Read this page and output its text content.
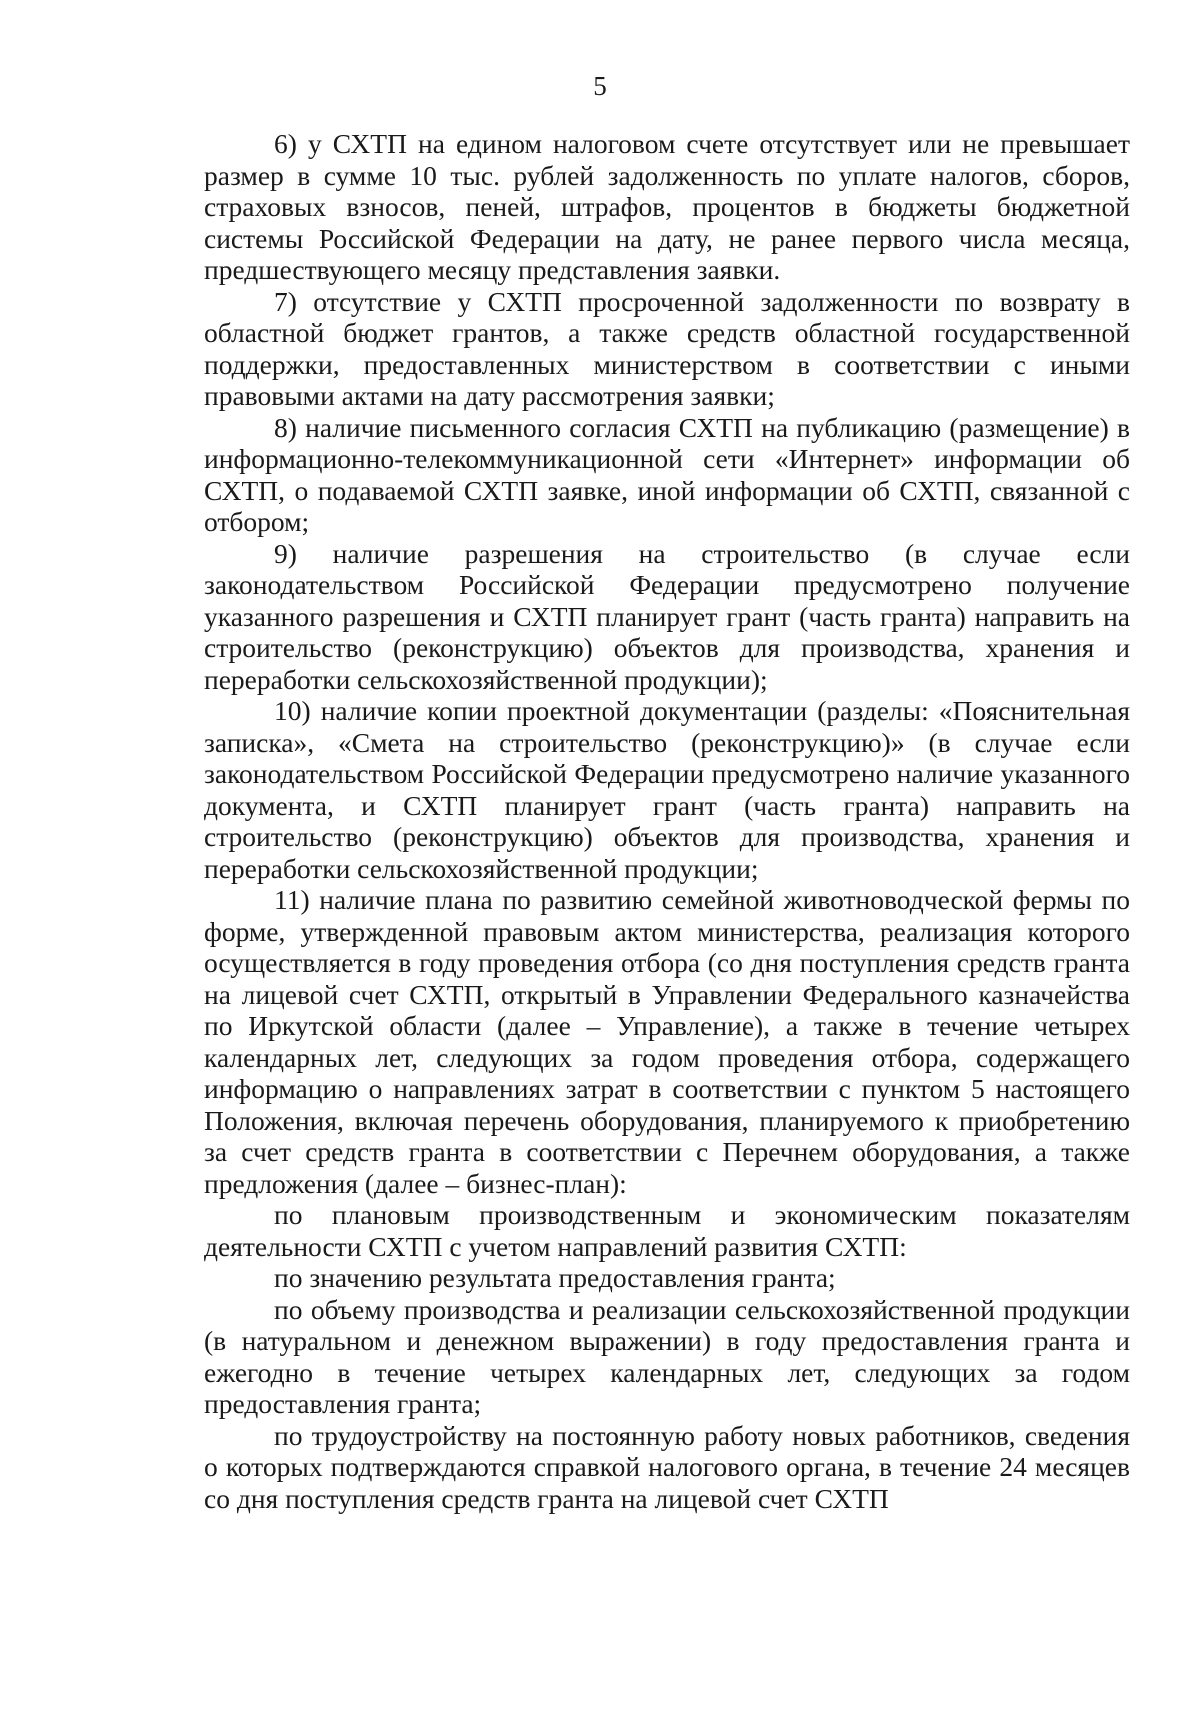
5

6) у СХТП на едином налоговом счете отсутствует или не превышает размер в сумме 10 тыс. рублей задолженность по уплате налогов, сборов, страховых взносов, пеней, штрафов, процентов в бюджеты бюджетной системы Российской Федерации на дату, не ранее первого числа месяца, предшествующего месяцу представления заявки.

7) отсутствие у СХТП просроченной задолженности по возврату в областной бюджет грантов, а также средств областной государственной поддержки, предоставленных министерством в соответствии с иными правовыми актами на дату рассмотрения заявки;

8) наличие письменного согласия СХТП на публикацию (размещение) в информационно-телекоммуникационной сети «Интернет» информации об СХТП, о подаваемой СХТП заявке, иной информации об СХТП, связанной с отбором;

9) наличие разрешения на строительство (в случае если законодательством Российской Федерации предусмотрено получение указанного разрешения и СХТП планирует грант (часть гранта) направить на строительство (реконструкцию) объектов для производства, хранения и переработки сельскохозяйственной продукции);

10) наличие копии проектной документации (разделы: «Пояснительная записка», «Смета на строительство (реконструкцию)» (в случае если законодательством Российской Федерации предусмотрено наличие указанного документа, и СХТП планирует грант (часть гранта) направить на строительство (реконструкцию) объектов для производства, хранения и переработки сельскохозяйственной продукции;

11) наличие плана по развитию семейной животноводческой фермы по форме, утвержденной правовым актом министерства, реализация которого осуществляется в году проведения отбора (со дня поступления средств гранта на лицевой счет СХТП, открытый в Управлении Федерального казначейства по Иркутской области (далее – Управление), а также в течение четырех календарных лет, следующих за годом проведения отбора, содержащего информацию о направлениях затрат в соответствии с пунктом 5 настоящего Положения, включая перечень оборудования, планируемого к приобретению за счет средств гранта в соответствии с Перечнем оборудования, а также предложения (далее – бизнес-план):

по плановым производственным и экономическим показателям деятельности СХТП с учетом направлений развития СХТП:

по значению результата предоставления гранта;

по объему производства и реализации сельскохозяйственной продукции (в натуральном и денежном выражении) в году предоставления гранта и ежегодно в течение четырех календарных лет, следующих за годом предоставления гранта;

по трудоустройству на постоянную работу новых работников, сведения о которых подтверждаются справкой налогового органа, в течение 24 месяцев со дня поступления средств гранта на лицевой счет СХТП
